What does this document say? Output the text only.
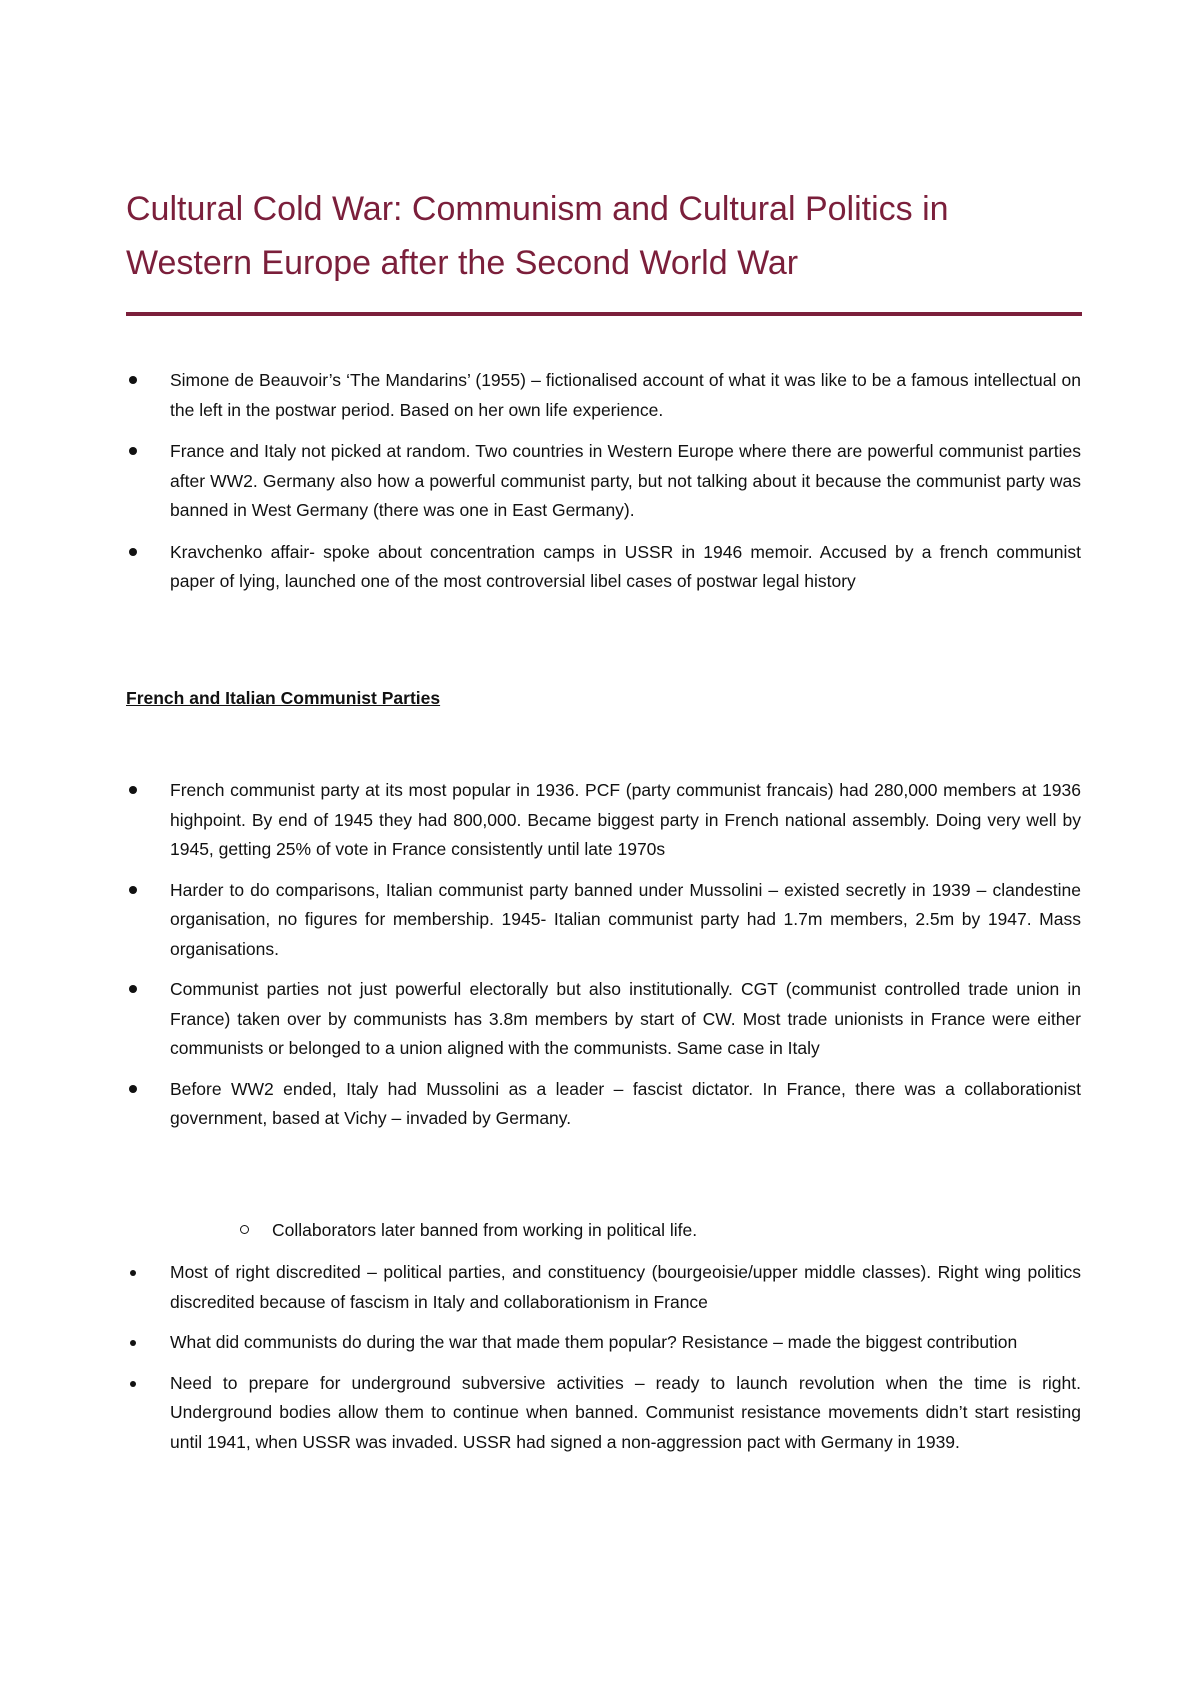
Cultural Cold War: Communism and Cultural Politics in
Western Europe after the Second World War
Simone de Beauvoir’s ‘The Mandarins’ (1955) – fictionalised account of what it was like to be a famous intellectual on the left in the postwar period. Based on her own life experience.
France and Italy not picked at random. Two countries in Western Europe where there are powerful communist parties after WW2. Germany also how a powerful communist party, but not talking about it because the communist party was banned in West Germany (there was one in East Germany).
Kravchenko affair- spoke about concentration camps in USSR in 1946 memoir. Accused by a french communist paper of lying, launched one of the most controversial libel cases of postwar legal history
French and Italian Communist Parties
French communist party at its most popular in 1936. PCF (party communist francais) had 280,000 members at 1936 highpoint. By end of 1945 they had 800,000. Became biggest party in French national assembly. Doing very well by 1945, getting 25% of vote in France consistently until late 1970s
Harder to do comparisons, Italian communist party banned under Mussolini – existed secretly in 1939 – clandestine organisation, no figures for membership. 1945- Italian communist party had 1.7m members, 2.5m by 1947. Mass organisations.
Communist parties not just powerful electorally but also institutionally. CGT (communist controlled trade union in France) taken over by communists has 3.8m members by start of CW. Most trade unionists in France were either communists or belonged to a union aligned with the communists. Same case in Italy
Before WW2 ended, Italy had Mussolini as a leader – fascist dictator. In France, there was a collaborationist government, based at Vichy – invaded by Germany.
Collaborators later banned from working in political life.
Most of right discredited – political parties, and constituency (bourgeoisie/upper middle classes). Right wing politics discredited because of fascism in Italy and collaborationism in France
What did communists do during the war that made them popular? Resistance – made the biggest contribution
Need to prepare for underground subversive activities – ready to launch revolution when the time is right. Underground bodies allow them to continue when banned. Communist resistance movements didn’t start resisting until 1941, when USSR was invaded. USSR had signed a non-aggression pact with Germany in 1939.
